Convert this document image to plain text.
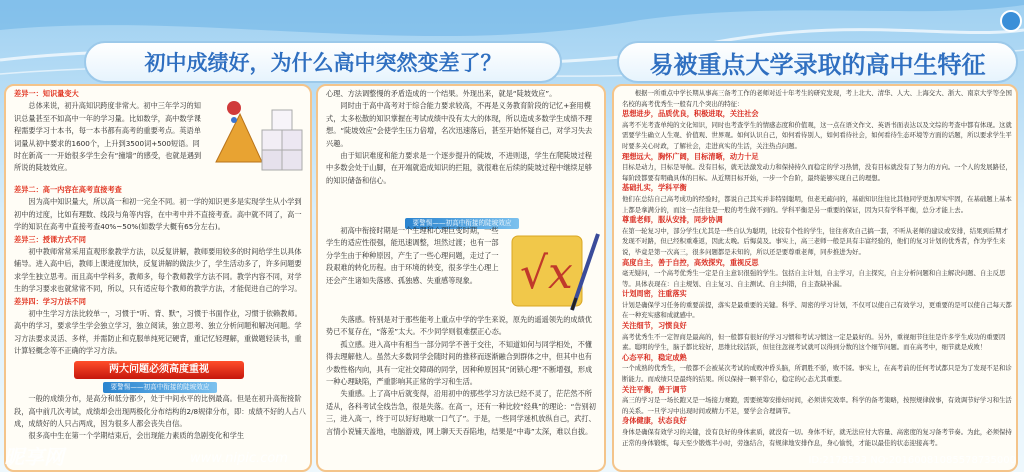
初中成绩好，为什么高中突然变差了？	易被重点大学录取的高中生特征

差异一：知识量变大

总体来说，初升高知识跨度非常大。初中三年学习的知识总量甚至不如高中一年的学习量。比如数学，高中数学课程需要学习十本书，每一本书都有高考的重要考点。英语单词量从初中要求的1600个，上升到3500词+500短语。同时在新高一一开始很多学生会有“撞墙”的感受，也就是遇到所说的陡坡效应。

差异二：高一内容在高考直接考查

因为高中知识量大，所以高一和初一完全不同。初一学的知识更多是实现学生从小学到初中的过度，比如有理数、线段与角等内容，在中考中并不直接考查。高中就不同了，高一学的知识在高考中直接考查40%~50%(如数学大概有65分左右)。

差异三：授课方式不同

初中教师常常采用直观形象教学方法，以反复讲解，教师要用较多的时间给学生以具体辅导。进入高中后，教师上课进度加快，反复讲解的做法少了，学生活动多了，许多问题要求学生独立思考。而且高中学科多，教师多，每个教师教学方法不同。教学内容不同，对学生的学习要求也就常常不同，所以，只有适应每个教师的教学方法，才能促进自己的学习。

差异四：学习方法不同

初中生学习方法比较单一，习惯于“听、背、默”，习惯于书面作业，习惯于依赖教师。高中的学习，要求学生学会独立学习，独立阅读，独立思考、独立分析问题和解决问题。学习方法要求灵活、多样，并需防止和克服单纯死记硬背，重记忆轻理解，重做题轻读书，重计算轻概念等不正确的学习方法。

两大问题必须高度重视

要警惕——初高中衔接的陡坡效应

一般的成绩分布，是高分和低分都少，处于中间水平的比例最高。但是在初升高衔接阶段，高中前几次考试，成绩却会出现两极化分布结构的2/8规律分布，即：成绩不好的人占八成，成绩好的人只占两成，因为很多人都会丧失自信。

很多高中生在第一个学期结束后，会出现能力素质的急剧变化和学生

心理、方法调整慢的矛盾造成的一个结果。外现出来，就是“陡坡效应”。

同时由于高中高考对于综合能力要求较高，不再是义务教育阶段的记忆+套用模式，太多松散的知识掌握在考试成绩中没有太大的体现，所以造成多数学生成绩不理想。“陡坡效应”会使学生压力倍增，名次迅速落后，甚至开始怀疑自己，对学习失去兴趣。

由于知识难度和能力要求是一个逐步提升的陡坡，不进则退，学生在爬陡坡过程中多数会处于山脚，在开端就造成知识的拦阻，就很难在后续的陡坡过程中继续足够的知识储备和信心。

要警惕——初高中衔接的陡坡效应

初高中衔接时期是一个生理和心理巨变时期，一些学生的适应性很强，能迅速调整，坦然过渡；也有一部分学生由于种种原因，产生了一些心理问题，走过了一段艰难的转化历程。由于环境的转变，很多学生心理上还会产生诸如失落感、孤独感、失重感等现象。 √x

失落感。特别是对于那些能考上重点中学的学生来说，原先的遥遥领先的成绩优势已不复存在，“落差”太大。不少同学则很难摆正心态。

孤立感。进入高中有相当一部分同学不善于交往，不知道如何与同学相处，不懂得去理解他人。虽然大多数同学会随时间的推移而逐渐融合到群体之中，但其中也有少数性格内向，具有一定社交障碍的同学，因种种原因其“闭锁心理”不断增强，形成一种心理缺陷，严重影响其正常的学习和生活。

失重感。上了高中后就变得，沿用初中的那些学习方法已经不灵了，茫茫然不所适从，各科考试全线告急，很是失落。在高一，还有一种比较“经典”的理论：“告别初三，进入高一，终于可以好好地歇一口气了”。于是，一些同学迷机放纵自己，武打、言情小说铺天盖地，电脑游戏，网上聊天天吞陷地，结果是“中毒”太深，难以自拔。

根据一所重点中学长期从事高三备考工作的老师对近十年考生的研究发现，考上北大、清华、人大、上海交大、浙大、南京大学等全国名校的高考优秀生一般有几个突出的特征：

思想进步，品质优良，积极进取，关注社会

高考不光考查单纯的文化知识，同时也考查学生的情感态度和价值观，这一点在语文作文、英语书面表达以及文综的考查中都有体现。这就需要学生确立人生观、价值观、世界观。如何认识自己，如何看待别人，如何看待社会，如何看待生态环境等方面的话题，所以要求学生平时要多关心时政，了解社会，走进真实的生活，关注热点问题。

理想远大，胸怀广阔，目标清晰，动力十足

目标是动力，目标是导航。没有目标，就无法激发动力和保持持久而稳定的学习热情，没有目标就没有了努力的方向。一个人的发展路径，每阶段都要有明确具体的目标。从近期目标开始，一步一个台阶，最终能够实现自己的理想。

基础扎实，学科平衡

他们在总结自己高考成功的经验时，都说自己其实并非特别聪明，但老无疏问的，基础知识往往比其他同学更加厚实牢固，在基础题上基本上都是拿满分的，而这一点往往是一般的考生做不到的。学科平衡是另一重要的保证，因为只有学科平衡，总分才能上去。

尊重老师，服从安排，同步协调

在第一轮复习中，部分学生(尤其是一些自认为聪明，比较有个性的学生，往往喜欢自己搞一套，不听从老师的建议或安排，结果到后期才发现不对路，但已经积重难返，因此太晚。后悔莫及。事实上，高三老师一般是具有丰富经验的，他们的复习计划的优秀者，作为学生来说，毕竟是第一次高三，很多问题都是未知的，所以还是要尊重老师，同步推进为好。

高度自主，善于自控，高效探究，重视反思

毫无疑问，一个高考优秀生一定是自主意识很强的学生。包括自主计划，自主学习，自主探究，自主分析问题和自主解决问题、自主反思等。具体表现在：自主规划、自主复习、自主测试、自主纠错，自主查缺补漏。

计划周密，注重落实

计划是确保学习任务的重要前提，落实是最重要的关键。科学、周密的学习计划，不仅可以使自己有效学习，更重要的是可以使自己每天都在一种充实感和成就感中。

关注细节，习惯良好

高考优秀生不一定智商是最高的，但一般都有很好的学习习惯和考试习惯这一定是最好的。另外，重视细节往往是许多学生成功的重要因素。聪明的学生，脑子都比较好，思维比较活跃，但往往忽视考试就可以得到分数的这个细节问题。而在高考中，细节就是成败！

心态平和，稳定成熟

一个成熟的优秀生，一般都不会被某次考试的成败冲昏头脑，所谓胜不骄，败不馁。事实上，在高考前的任何考试都只是为了发现不足和诊断能力。而成绩只是最终的结果。所以保持一颗平常心，稳定的心态尤其重要。

关注平衡，善于调节

高三的学习是一场长跑又是一场接力赛跑，需要统筹安排好时间，必须讲究效率。科学的备考策略，按照规律做事，有效调节好学习和生活的关系。一旦学习中出现时间或精力不足，要学会合理调节。

身体健康，状态良好

身体是确保有效学习的关键，没有良好的身体素质，就没有一切。身体不好，就无法应付大容量、高密度的复习备考节奏。为此，必须保持正常的身体锻炼，每天至少锻炼半小时，劳逸结合，有规律地安排作息，身心愉悦，才能以最佳的状态迎接高考。

昵享网	www.nipic.com	ID:2178533 NO:20160081085578735000
